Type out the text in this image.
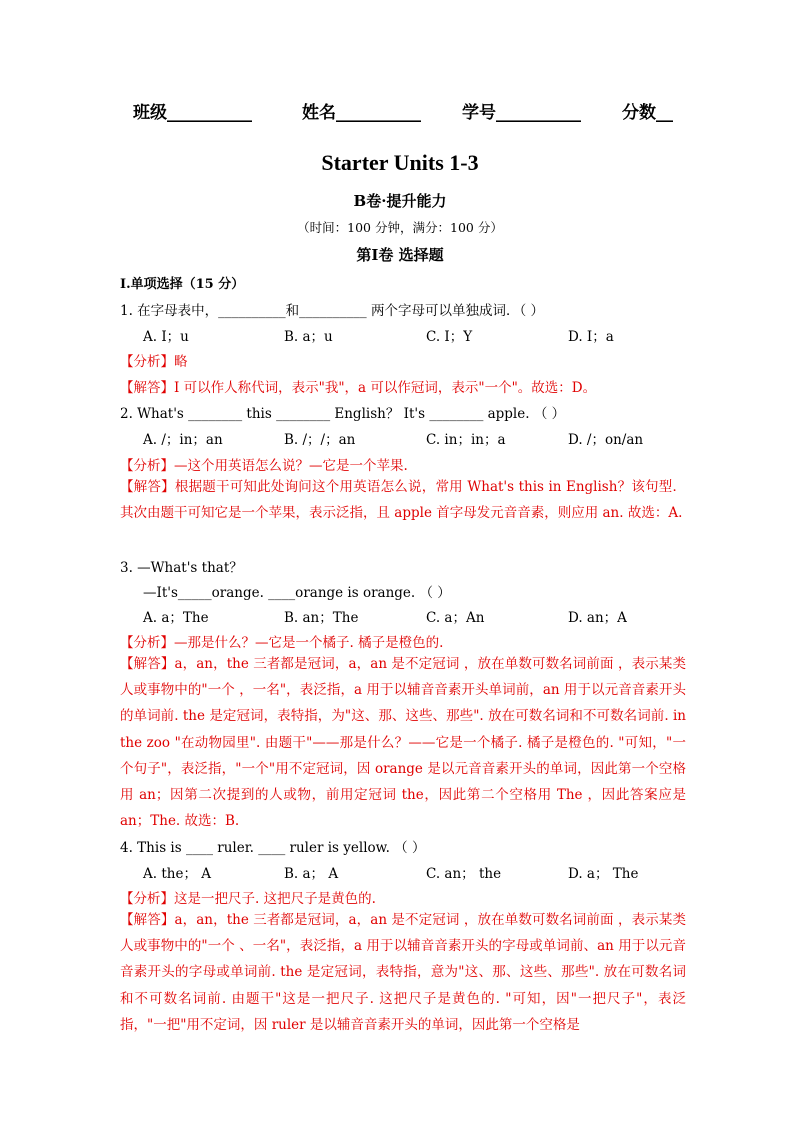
班级__________	姓名__________ 学号__________ 分数__
Starter Units 1-3
B卷·提升能力
（时间：100 分钟，满分：100 分）
第Ⅰ卷 选择题
I.单项选择（15 分）
1. 在字母表中，__________和__________ 两个字母可以单独成词．（ ）
A. I；u	B. a；u	C. I；Y	D. I；a
【分析】略
【解答】I 可以作人称代词，表示"我"，a 可以作冠词，表示"一个"。故选：D。
2. What's ________ this ________ English？ It's ________ apple. （ ）
A. /；in；an	B. /；/；an	C. in；in；a	D. /；on/an
【分析】—这个用英语怎么说？—它是一个苹果.
【解答】根据题干可知此处询问这个用英语怎么说，常用 What's this in English？该句型．其次由题干可知它是一个苹果，表示泛指，且 apple 首字母发元音音素，则应用 an. 故选：A.
3. —What's that？
—It's_____orange. ____orange is orange. （ ）
A. a；The	B. an；The	C. a；An	D. an；A
【分析】—那是什么？—它是一个橘子. 橘子是橙色的.
【解答】a，an，the 三者都是冠词，a，an 是不定冠词 ，放在单数可数名词前面 ，表示某类人或事物中的"一个 ，一名"，表泛指，a 用于以辅音音素开头单词前，an 用于以元音音素开头的单词前. the 是定冠词，表特指，为"这、那、这些、那些". 放在可数名词和不可数名词前. in the zoo "在动物园里". 由题干"——那是什么？——它是一个橘子. 橘子是橙色的. "可知，"一个句子"，表泛指，"一个"用不定冠词，因 orange 是以元音音素开头的单词，因此第一个空格用 an；因第二次提到的人或物，前用定冠词 the，因此第二个空格用 The ，因此答案应是 an；The. 故选：B.
4. This is ____ ruler. ____ ruler is yellow. （ ）
A. the； A	B. a； A	C. an； the	D. a； The
【分析】这是一把尺子. 这把尺子是黄色的.
【解答】a，an，the 三者都是冠词，a，an 是不定冠词 ，放在单数可数名词前面 ，表示某类人或事物中的"一个 、一名"，表泛指，a 用于以辅音音素开头的字母或单词前、an 用于以元音音素开头的字母或单词前. the 是定冠词，表特指，意为"这、那、这些、那些". 放在可数名词和不可数名词前. 由题干"这是一把尺子. 这把尺子是黄色的. "可知，因"一把尺子"，表泛指，"一把"用不定词，因 ruler 是以辅音音素开头的单词，因此第一个空格是
